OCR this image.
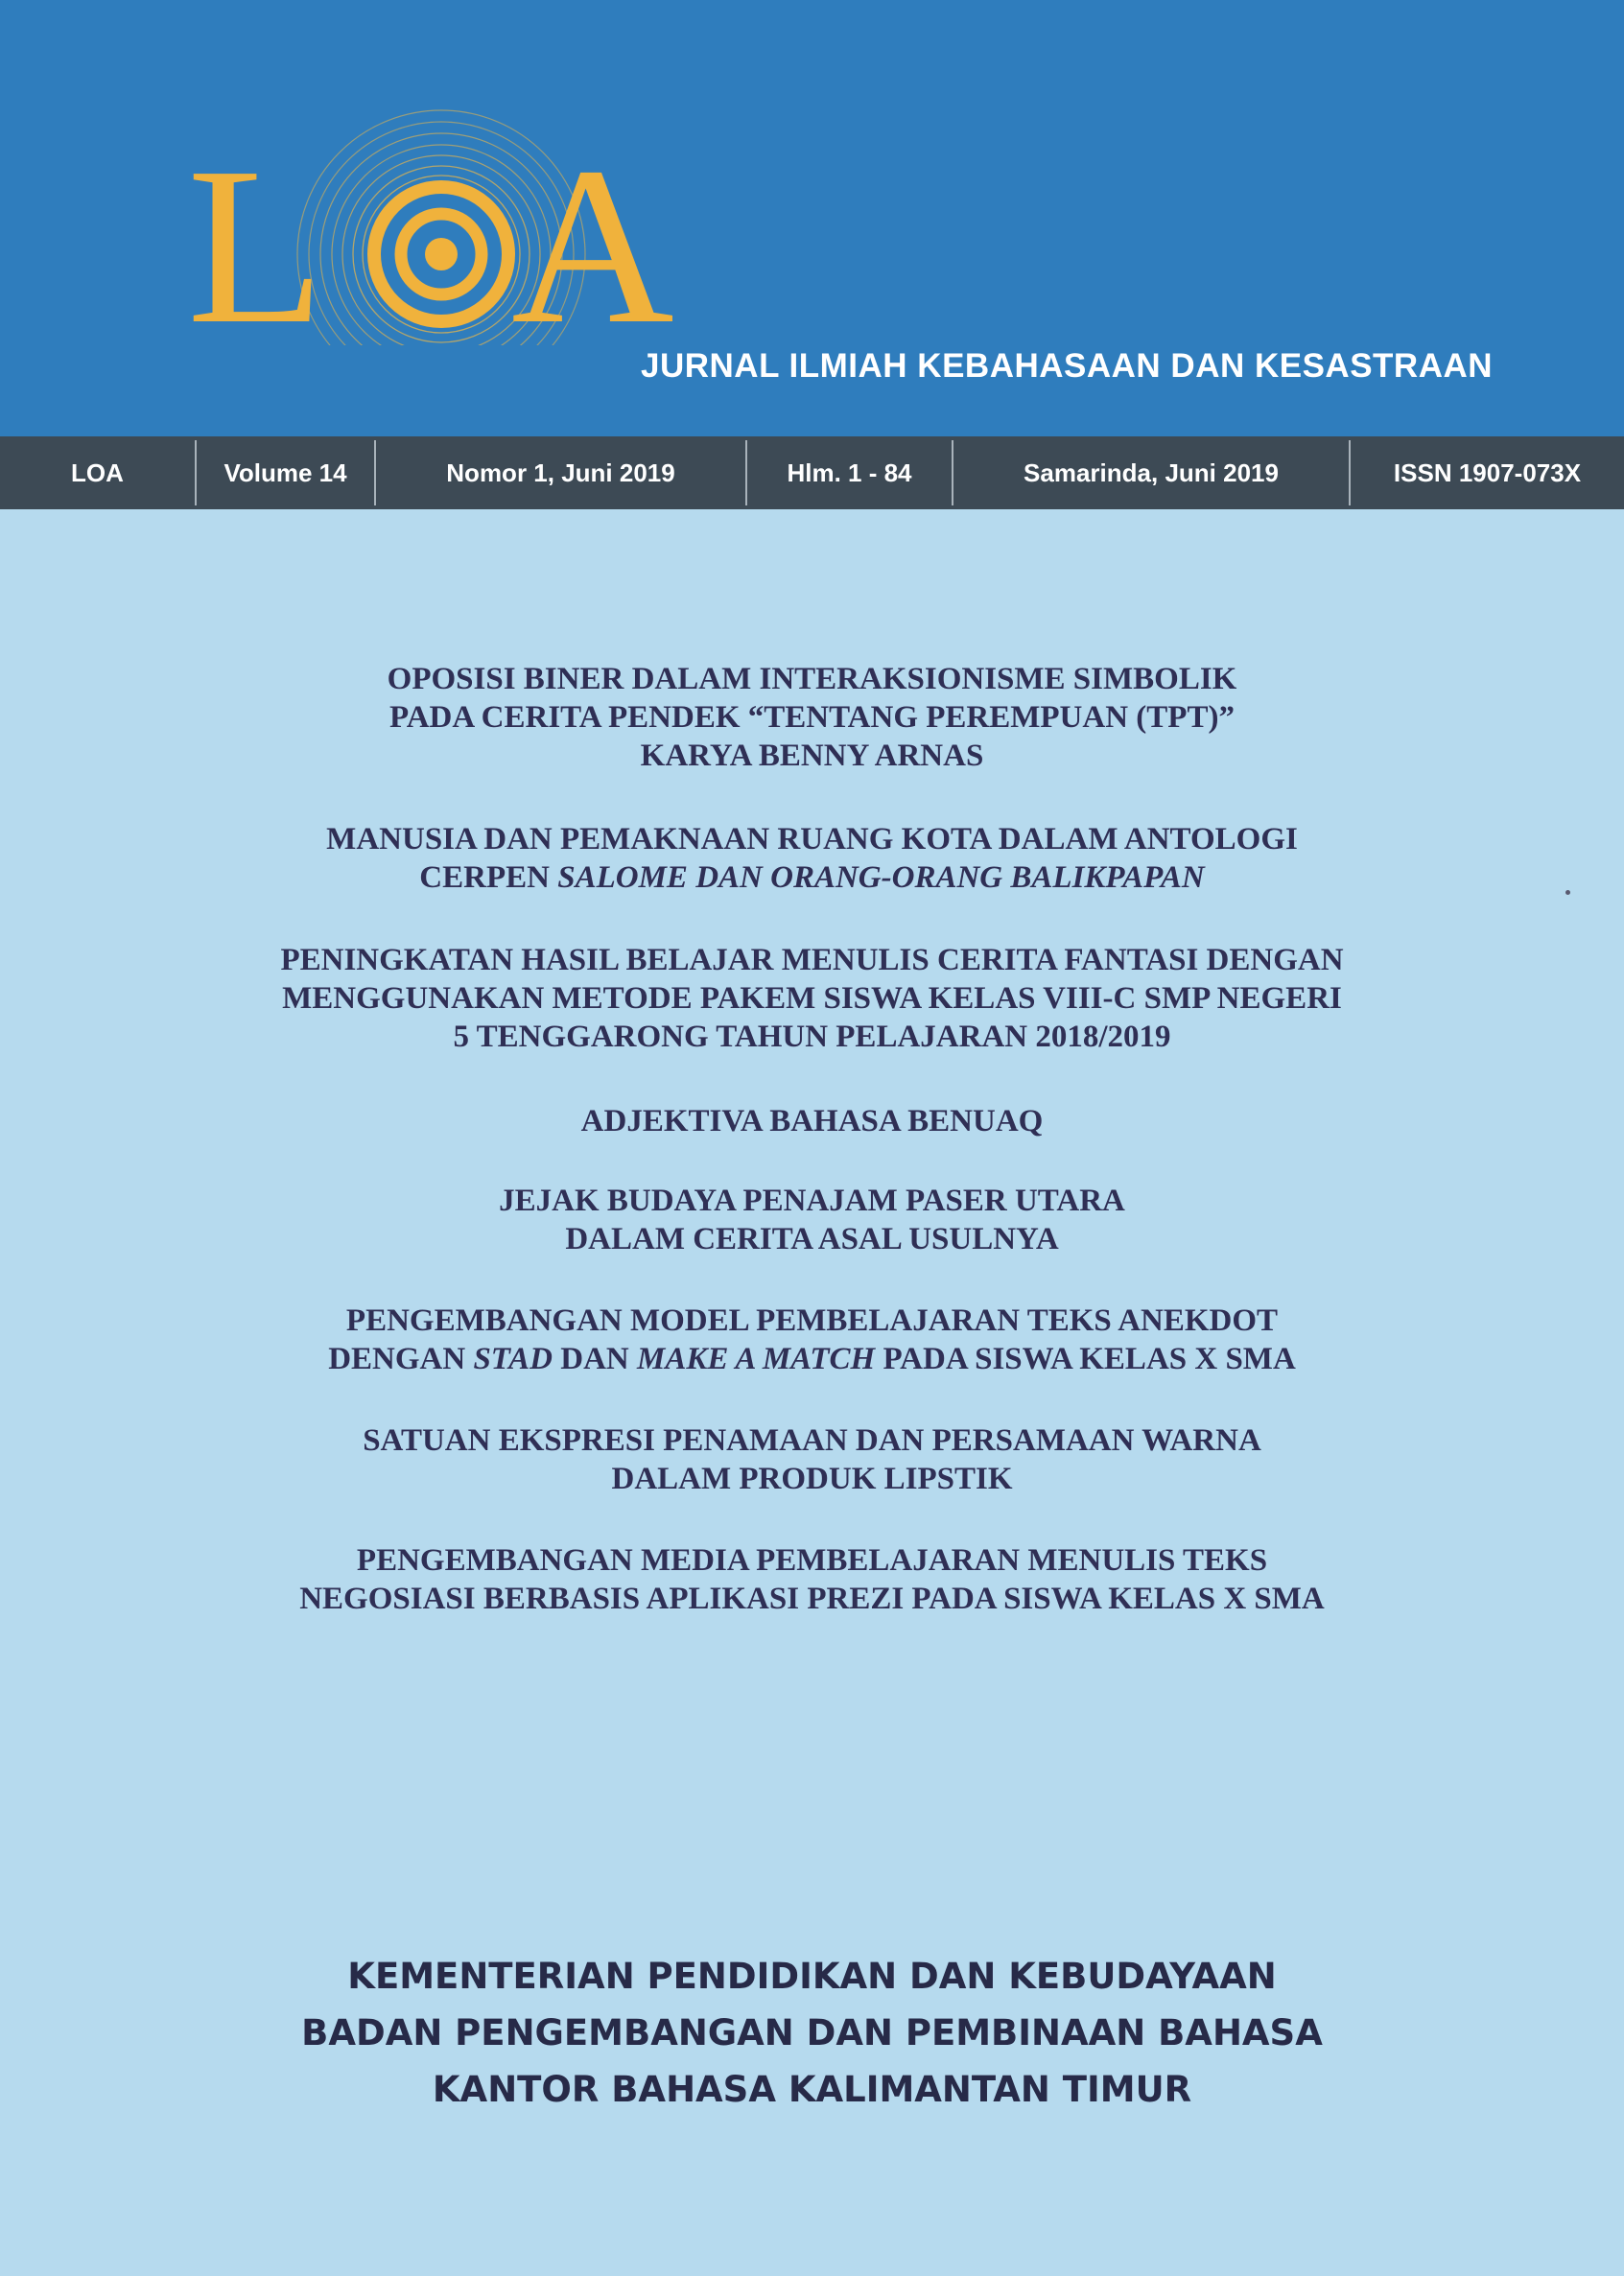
L A
JURNAL ILMIAH KEBAHASAAN DAN KESASTRAAN
LOA	Volume 14	Nomor 1, Juni 2019	Hlm. 1 - 84	Samarinda, Juni 2019	ISSN 1907-073X
OPOSISI BINER DALAM INTERAKSIONISME SIMBOLIK
PADA CERITA PENDEK “TENTANG PEREMPUAN (TPT)”
KARYA BENNY ARNAS
MANUSIA DAN PEMAKNAAN RUANG KOTA DALAM ANTOLOGI
CERPEN SALOME DAN ORANG-ORANG BALIKPAPAN
PENINGKATAN HASIL BELAJAR MENULIS CERITA FANTASI DENGAN
MENGGUNAKAN METODE PAKEM SISWA KELAS VIII-C SMP NEGERI
5 TENGGARONG TAHUN PELAJARAN 2018/2019
ADJEKTIVA BAHASA BENUAQ
JEJAK BUDAYA PENAJAM PASER UTARA
DALAM CERITA ASAL USULNYA
PENGEMBANGAN MODEL PEMBELAJARAN TEKS ANEKDOT
DENGAN STAD DAN MAKE A MATCH PADA SISWA KELAS X SMA
SATUAN EKSPRESI PENAMAAN DAN PERSAMAAN WARNA
DALAM PRODUK LIPSTIK
PENGEMBANGAN MEDIA PEMBELAJARAN MENULIS TEKS
NEGOSIASI BERBASIS APLIKASI PREZI PADA SISWA KELAS X SMA
KEMENTERIAN PENDIDIKAN DAN KEBUDAYAAN
BADAN PENGEMBANGAN DAN PEMBINAAN BAHASA
KANTOR BAHASA KALIMANTAN TIMUR
